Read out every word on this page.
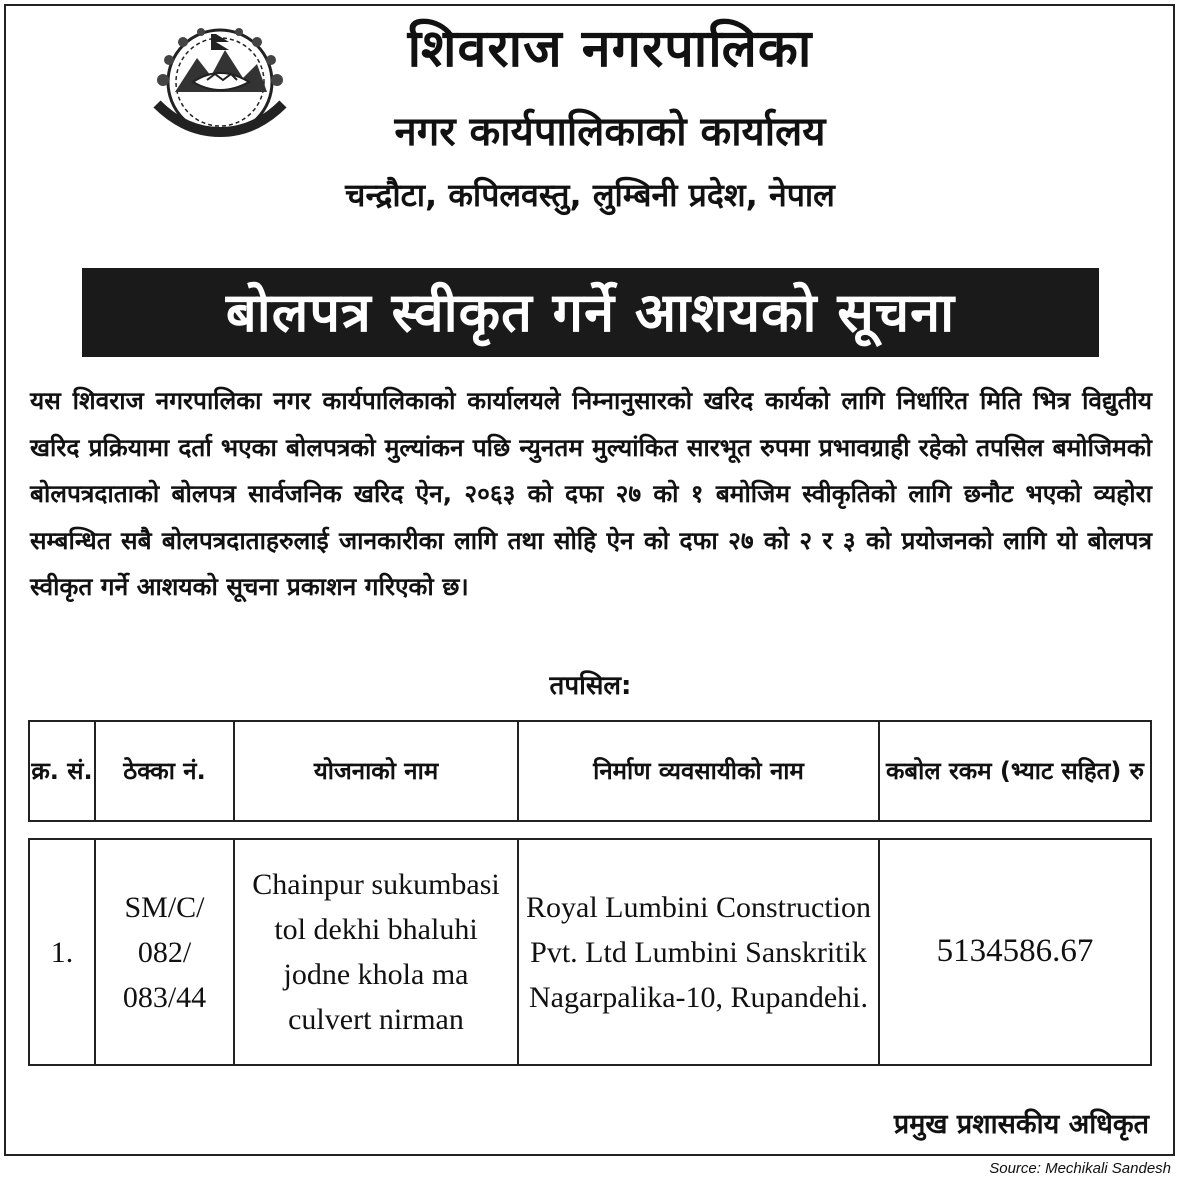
शिवराज नगरपालिका
नगर कार्यपालिकाको कार्यालय
चन्द्रौटा, कपिलवस्तु, लुम्बिनी प्रदेश, नेपाल
बोलपत्र स्वीकृत गर्ने आशयको सूचना
यस शिवराज नगरपालिका नगर कार्यपालिकाको कार्यालयले निम्नानुसारको खरिद कार्यको लागि निर्धारित मिति भित्र विद्युतीय खरिद प्रक्रियामा दर्ता भएका बोलपत्रको मुल्यांकन पछि न्युनतम मुल्यांकित सारभूत रुपमा प्रभावग्राही रहेको तपसिल बमोजिमको बोलपत्रदाताको बोलपत्र सार्वजनिक खरिद ऐन, २०६३ को दफा २७ को १ बमोजिम स्वीकृतिको लागि छनौट भएको व्यहोरा सम्बन्धित सबै बोलपत्रदाताहरुलाई जानकारीका लागि तथा सोहि ऐन को दफा २७ को २ र ३ को प्रयोजनको लागि यो बोलपत्र स्वीकृत गर्ने आशयको सूचना प्रकाशन गरिएको छ।
तपसिल:
क्र. सं.	ठेक्का नं.	योजनाको नाम	निर्माण व्यवसायीको नाम	कबोल रकम (भ्याट सहित) रु

1.	SM/C/ 082/ 083/44	Chainpur sukumbasi tol dekhi bhaluhi jodne khola ma culvert nirman	Royal Lumbini Construction Pvt. Ltd Lumbini Sanskritik Nagarpalika-10, Rupandehi.	5134586.67
प्रमुख प्रशासकीय अधिकृत
Source: Mechikali Sandesh
